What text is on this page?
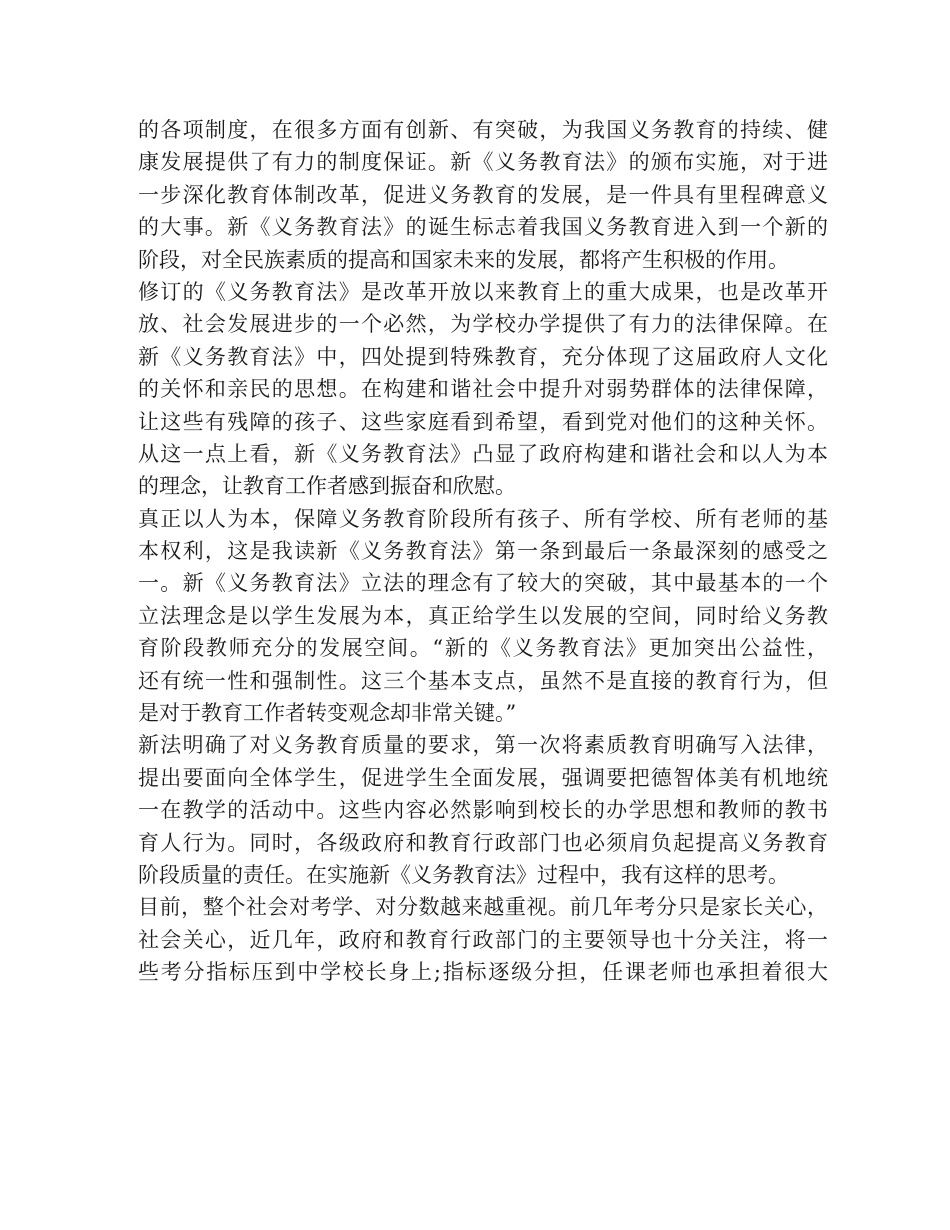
的各项制度，在很多方面有创新、有突破，为我国义务教育的持续、健
康发展提供了有力的制度保证。新《义务教育法》的颁布实施，对于进
一步深化教育体制改革，促进义务教育的发展，是一件具有里程碑意义
的大事。新《义务教育法》的诞生标志着我国义务教育进入到一个新的
阶段，对全民族素质的提高和国家未来的发展，都将产生积极的作用。
修订的《义务教育法》是改革开放以来教育上的重大成果，也是改革开
放、社会发展进步的一个必然，为学校办学提供了有力的法律保障。在
新《义务教育法》中，四处提到特殊教育，充分体现了这届政府人文化
的关怀和亲民的思想。在构建和谐社会中提升对弱势群体的法律保障，
让这些有残障的孩子、这些家庭看到希望，看到党对他们的这种关怀。
从这一点上看，新《义务教育法》凸显了政府构建和谐社会和以人为本
的理念，让教育工作者感到振奋和欣慰。
真正以人为本，保障义务教育阶段所有孩子、所有学校、所有老师的基
本权利，这是我读新《义务教育法》第一条到最后一条最深刻的感受之
一。新《义务教育法》立法的理念有了较大的突破，其中最基本的一个
立法理念是以学生发展为本，真正给学生以发展的空间，同时给义务教
育阶段教师充分的发展空间。“新的《义务教育法》更加突出公益性，
还有统一性和强制性。这三个基本支点，虽然不是直接的教育行为，但
是对于教育工作者转变观念却非常关键。”
新法明确了对义务教育质量的要求，第一次将素质教育明确写入法律，
提出要面向全体学生，促进学生全面发展，强调要把德智体美有机地统
一在教学的活动中。这些内容必然影响到校长的办学思想和教师的教书
育人行为。同时，各级政府和教育行政部门也必须肩负起提高义务教育
阶段质量的责任。在实施新《义务教育法》过程中，我有这样的思考。
目前，整个社会对考学、对分数越来越重视。前几年考分只是家长关心，
社会关心，近几年，政府和教育行政部门的主要领导也十分关注，将一
些考分指标压到中学校长身上;指标逐级分担，任课老师也承担着很大
